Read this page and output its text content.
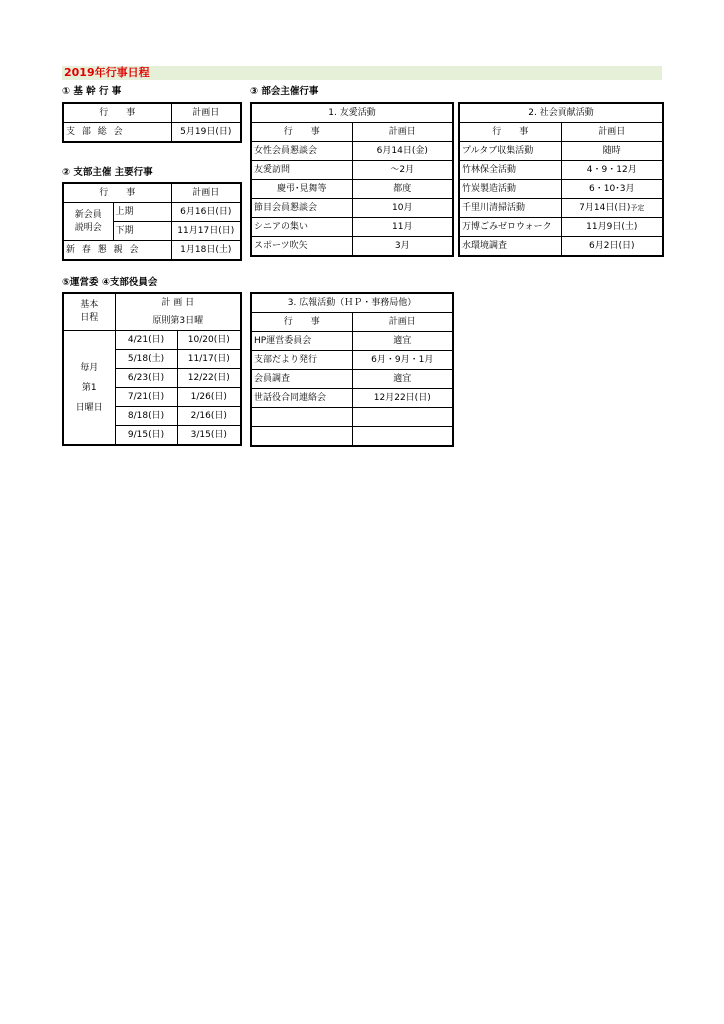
2019年行事日程
① 基 幹 行 事	③ 部会主催行事
② 支部主催 主要行事
⑤運営委 ④支部役員会
行　　事	計画日
支 部 総 会	5月19日(日)
行　　事		計画日

新会員
説明会	上期	6月16日(日)
	下期	11月17日(日)
新 春 懇 親 会		1月18日(土)
1. 友愛活動	
行　　事	計画日
女性会員懇談会	6月14日(金)
友愛訪問	～2月
慶弔･見舞等	都度
節目会員懇談会	10月
シニアの集い	11月
スポーツ吹矢	3月
2. 社会貢献活動	
行　　事	計画日
プルタブ収集活動	随時
竹林保全活動	4・9・12月
竹炭製造活動	6・10･3月
千里川清掃活動	7月14日(日)予定
万博ごみゼロウォーク	11月9日(土)
水環境調査	6月2日(日)
基本
日程	計 画 日	
	原則第3日曜	

毎月
第1
日曜日	4/21(日)	10/20(日)
	5/18(土)	11/17(日)
	6/23(日)	12/22(日)
	7/21(日)	1/26(日)
	8/18(日)	2/16(日)
	9/15(日)	3/15(日)
3. 広報活動（ＨＰ・事務局他）	
行　　事	計画日
HP運営委員会	適宜
支部だより発行	6月・9月・1月
会員調査	適宜
世話役合同連絡会	12月22日(日)
